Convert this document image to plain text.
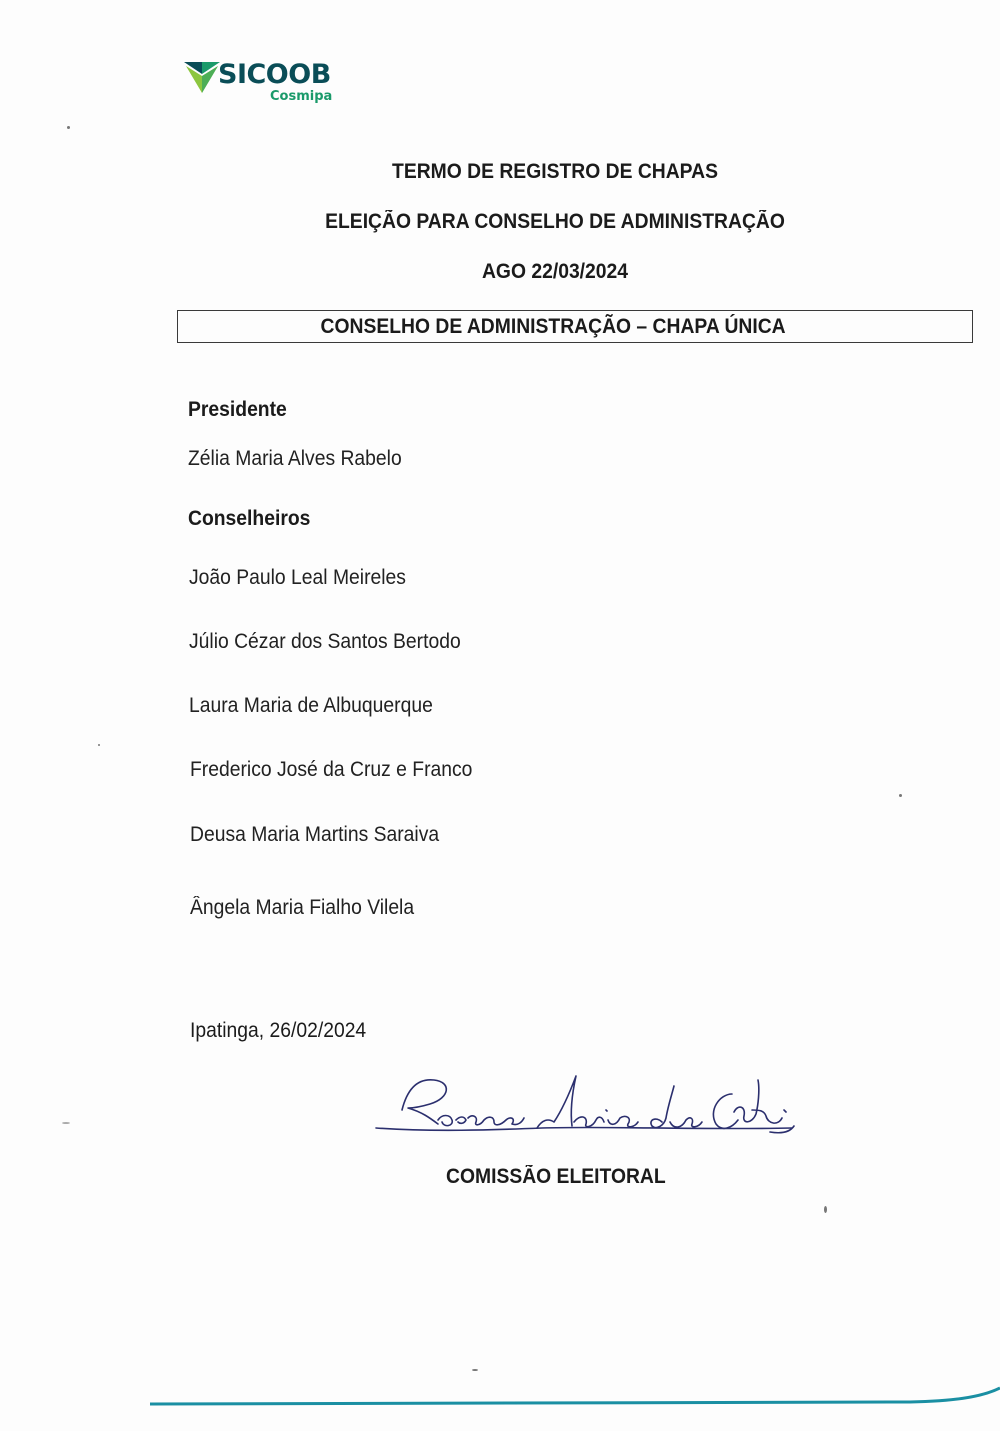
SICOOB
Cosmipa
TERMO DE REGISTRO DE CHAPAS
ELEIÇÃO PARA CONSELHO DE ADMINISTRAÇÃO
AGO 22/03/2024
CONSELHO DE ADMINISTRAÇÃO – CHAPA ÚNICA
Presidente
Zélia Maria Alves Rabelo
Conselheiros
João Paulo Leal Meireles
Júlio Cézar dos Santos Bertodo
Laura Maria de Albuquerque
Frederico José da Cruz e Franco
Deusa Maria Martins Saraiva
Ângela Maria Fialho Vilela
Ipatinga, 26/02/2024
COMISSÃO ELEITORAL
